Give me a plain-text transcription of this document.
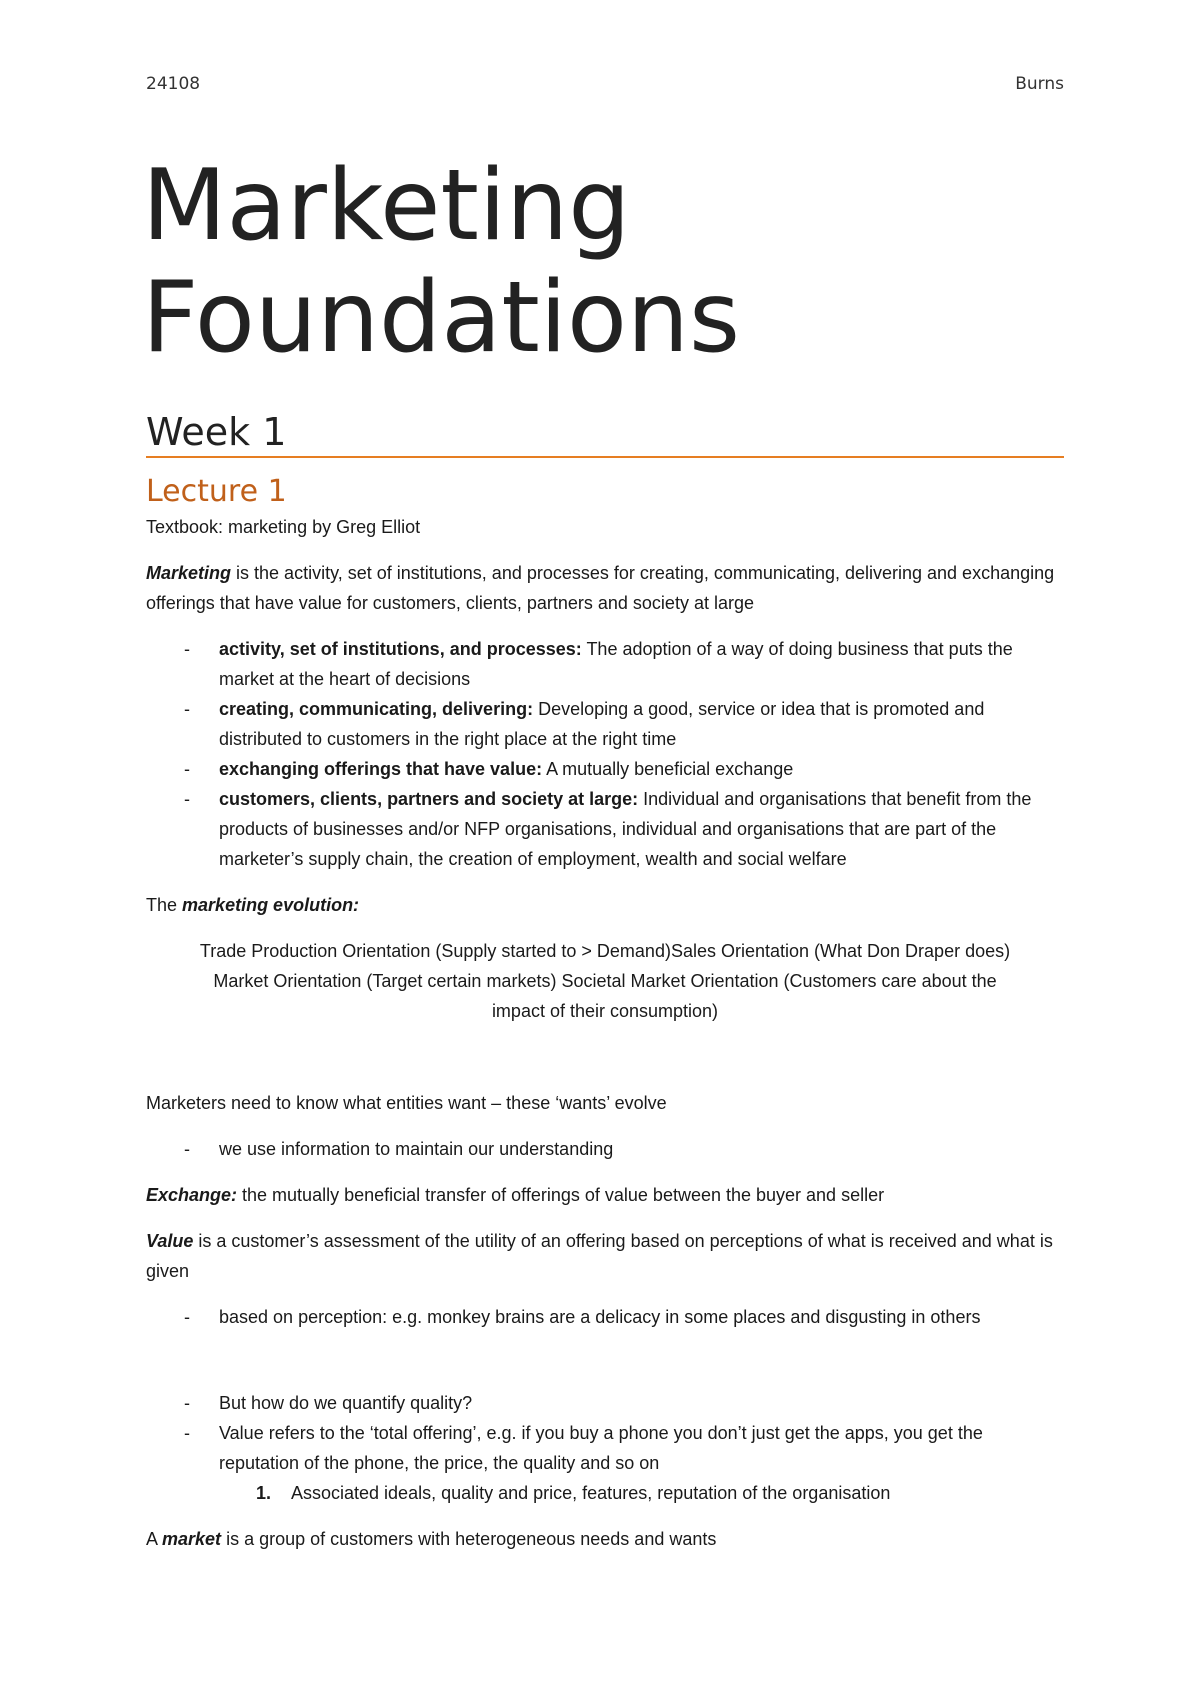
24108	Burns
Marketing
Foundations
Week 1
Lecture 1

Textbook: marketing by Greg Elliot

Marketing is the activity, set of institutions, and processes for creating, communicating, delivering and exchanging offerings that have value for customers, clients, partners and society at large

- activity, set of institutions, and processes: The adoption of a way of doing business that puts the market at the heart of decisions
- creating, communicating, delivering: Developing a good, service or idea that is promoted and distributed to customers in the right place at the right time
- exchanging offerings that have value: A mutually beneficial exchange
- customers, clients, partners and society at large: Individual and organisations that benefit from the products of businesses and/or NFP organisations, individual and organisations that are part of the marketer’s supply chain, the creation of employment, wealth and social welfare

The marketing evolution:

Trade Production Orientation (Supply started to > Demand)Sales Orientation (What Don Draper does)
Market Orientation (Target certain markets) Societal Market Orientation (Customers care about the
impact of their consumption)

Marketers need to know what entities want – these ‘wants’ evolve

- we use information to maintain our understanding

Exchange: the mutually beneficial transfer of offerings of value between the buyer and seller

Value is a customer’s assessment of the utility of an offering based on perceptions of what is received and what is given

- based on perception: e.g. monkey brains are a delicacy in some places and disgusting in others
- But how do we quantify quality?
- Value refers to the ‘total offering’, e.g. if you buy a phone you don’t just get the apps, you get the reputation of the phone, the price, the quality and so on
1. Associated ideals, quality and price, features, reputation of the organisation

A market is a group of customers with heterogeneous needs and wants
